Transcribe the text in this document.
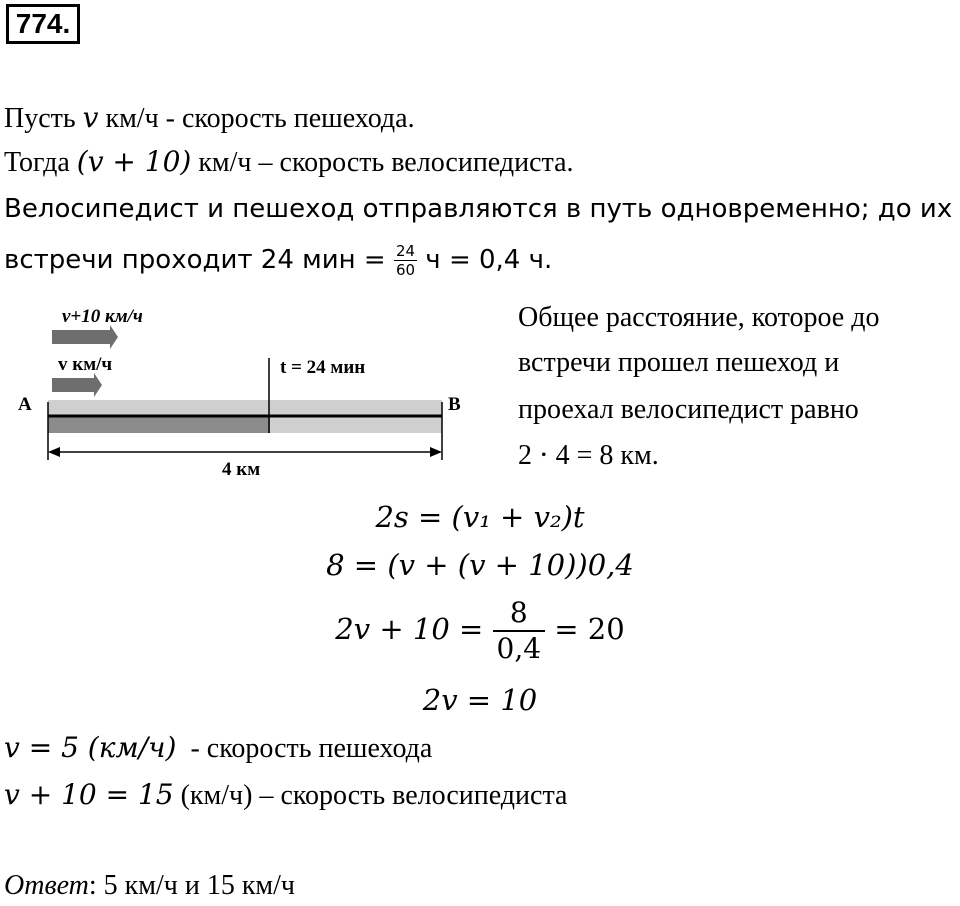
774.
Пусть v км/ч - скорость пешехода.
Тогда (v + 10) км/ч – скорость велосипедиста.
Велосипедист и пешеход отправляются в путь одновременно; до их
встречи проходит 24 мин = $\frac{24}{60}$ ч = 0,4 ч.
v+10 км/ч
v км/ч	t = 24 мин
A	B
4 км
Общее расстояние, которое до
встречи прошел пешеход и
проехал велосипедист равно
2 ⋅ 4 = 8 км.
2s = (v₁ + v₂)t
8 = (v + (v + 10))0,4
$2v + 10 = \frac{8}{0,4} = 20$
2v = 10
v = 5 (км/ч)  - скорость пешехода
v + 10 = 15 (км/ч) – скорость велосипедиста
Ответ: 5 км/ч и 15 км/ч
